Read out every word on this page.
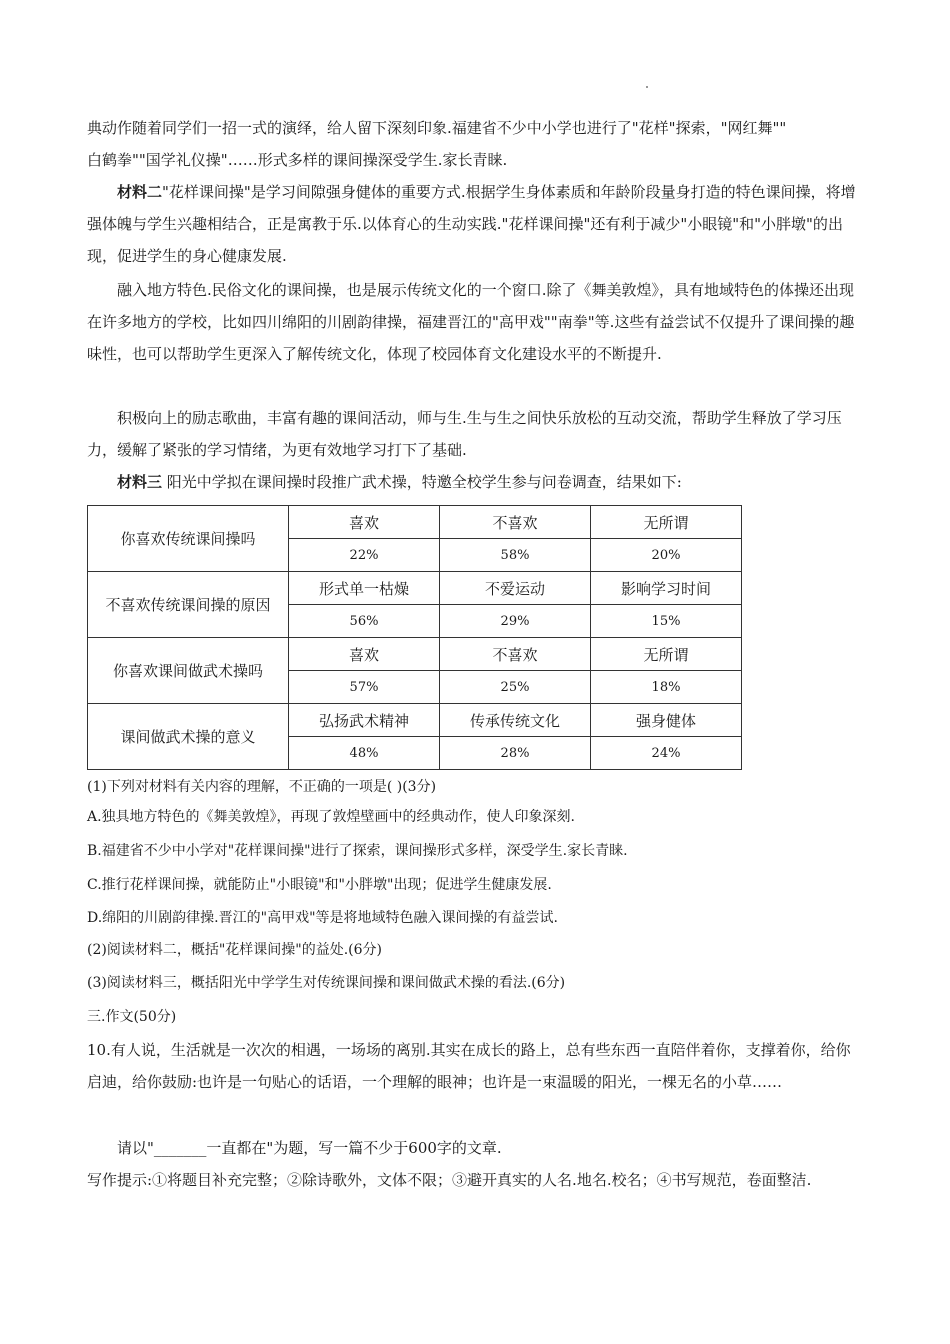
典动作随着同学们一招一式的演绎，给人留下深刻印象.福建省不少中小学也进行了"花样"探索，"网红舞""
白鹤拳""国学礼仪操"……形式多样的课间操深受学生.家长青睐.
材料二"花样课间操"是学习间隙强身健体的重要方式.根据学生身体素质和年龄阶段量身打造的特色课间操，将增强体魄与学生兴趣相结合，正是寓教于乐.以体育心的生动实践."花样课间操"还有利于减少"小眼镜"和"小胖墩"的出现，促进学生的身心健康发展.
融入地方特色.民俗文化的课间操，也是展示传统文化的一个窗口.除了《舞美敦煌》，具有地域特色的体操还出现在许多地方的学校，比如四川绵阳的川剧韵律操，福建晋江的"高甲戏""南拳"等.这些有益尝试不仅提升了课间操的趣味性，也可以帮助学生更深入了解传统文化，体现了校园体育文化建设水平的不断提升.
积极向上的励志歌曲，丰富有趣的课间活动，师与生.生与生之间快乐放松的互动交流，帮助学生释放了学习压力，缓解了紧张的学习情绪，为更有效地学习打下了基础.
材料三 阳光中学拟在课间操时段推广武术操，特邀全校学生参与问卷调查，结果如下:
你喜欢传统课间操吗	喜欢	不喜欢	无所谓
	22%	58%	20%
不喜欢传统课间操的原因	形式单一枯燥	不爱运动	影响学习时间
	56%	29%	15%
你喜欢课间做武术操吗	喜欢	不喜欢	无所谓
	57%	25%	18%
课间做武术操的意义	弘扬武术精神	传承传统文化	强身健体
	48%	28%	24%
(1)下列对材料有关内容的理解，不正确的一项是( )(3分)
A.独具地方特色的《舞美敦煌》，再现了敦煌壁画中的经典动作，使人印象深刻.
B.福建省不少中小学对"花样课间操"进行了探索，课间操形式多样，深受学生.家长青睐.
C.推行花样课间操，就能防止"小眼镜"和"小胖墩"出现；促进学生健康发展.
D.绵阳的川剧韵律操.晋江的"高甲戏"等是将地域特色融入课间操的有益尝试.
(2)阅读材料二，概括"花样课间操"的益处.(6分)
(3)阅读材料三，概括阳光中学学生对传统课间操和课间做武术操的看法.(6分)
三.作文(50分)
10.有人说，生活就是一次次的相遇，一场场的离别.其实在成长的路上，总有些东西一直陪伴着你，支撑着你，给你启迪，给你鼓励:也许是一句贴心的话语，一个理解的眼神；也许是一束温暖的阳光，一棵无名的小草……
请以"_______一直都在"为题，写一篇不少于600字的文章.
写作提示:①将题目补充完整；②除诗歌外，文体不限；③避开真实的人名.地名.校名；④书写规范，卷面整洁.
